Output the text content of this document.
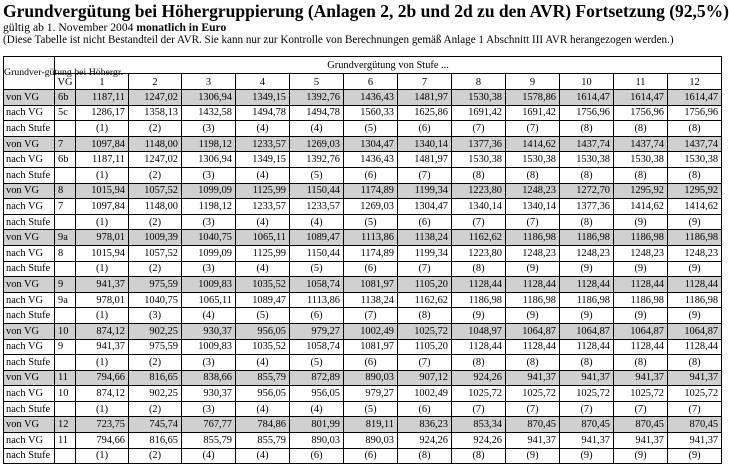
Grundvergütung bei Höhergruppierung (Anlagen 2, 2b und 2d zu den AVR) Fortsetzung (92,5%)
gültig ab 1. November 2004 monatlich in Euro
(Diese Tabelle ist nicht Bestandteil der AVR. Sie kann nur zur Kontrolle von Berechnungen gemäß Anlage 1 Abschnitt III AVR herangezogen werden.)
Grundver-gütung bei Höhergr.	Grundvergütung von Stufe ...												
	VG	1	2	3	4	5	6	7	8	9	10	11	12
von VG	6b	1187,11	1247,02	1306,94	1349,15	1392,76	1436,43	1481,97	1530,38	1578,86	1614,47	1614,47	1614,47
nach VG	5c	1286,17	1358,13	1432,58	1494,78	1494,78	1560,33	1625,86	1691,42	1691,42	1756,96	1756,96	1756,96
nach Stufe		(1)	(2)	(3)	(4)	(4)	(5)	(6)	(7)	(7)	(8)	(8)	(8)
von VG	7	1097,84	1148,00	1198,12	1233,57	1269,03	1304,47	1340,14	1377,36	1414,62	1437,74	1437,74	1437,74
nach VG	6b	1187,11	1247,02	1306,94	1349,15	1392,76	1436,43	1481,97	1530,38	1530,38	1530,38	1530,38	1530,38
nach Stufe		(1)	(2)	(3)	(4)	(5)	(6)	(7)	(8)	(8)	(8)	(8)	(8)
von VG	8	1015,94	1057,52	1099,09	1125,99	1150,44	1174,89	1199,34	1223,80	1248,23	1272,70	1295,92	1295,92
nach VG	7	1097,84	1148,00	1198,12	1233,57	1233,57	1269,03	1304,47	1340,14	1340,14	1377,36	1414,62	1414,62
nach Stufe		(1)	(2)	(3)	(4)	(4)	(5)	(6)	(7)	(7)	(8)	(9)	(9)
von VG	9a	978,01	1009,39	1040,75	1065,11	1089,47	1113,86	1138,24	1162,62	1186,98	1186,98	1186,98	1186,98
nach VG	8	1015,94	1057,52	1099,09	1125,99	1150,44	1174,89	1199,34	1223,80	1248,23	1248,23	1248,23	1248,23
nach Stufe		(1)	(2)	(3)	(4)	(5)	(6)	(7)	(8)	(9)	(9)	(9)	(9)
von VG	9	941,37	975,59	1009,83	1035,52	1058,74	1081,97	1105,20	1128,44	1128,44	1128,44	1128,44	1128,44
nach VG	9a	978,01	1040,75	1065,11	1089,47	1113,86	1138,24	1162,62	1186,98	1186,98	1186,98	1186,98	1186,98
nach Stufe		(1)	(3)	(4)	(5)	(6)	(7)	(8)	(9)	(9)	(9)	(9)	(9)
von VG	10	874,12	902,25	930,37	956,05	979,27	1002,49	1025,72	1048,97	1064,87	1064,87	1064,87	1064,87
nach VG	9	941,37	975,59	1009,83	1035,52	1058,74	1081,97	1105,20	1128,44	1128,44	1128,44	1128,44	1128,44
nach Stufe		(1)	(2)	(3)	(4)	(5)	(6)	(7)	(8)	(8)	(8)	(8)	(8)
von VG	11	794,66	816,65	838,66	855,79	872,89	890,03	907,12	924,26	941,37	941,37	941,37	941,37
nach VG	10	874,12	902,25	930,37	956,05	956,05	979,27	1002,49	1025,72	1025,72	1025,72	1025,72	1025,72
nach Stufe		(1)	(2)	(3)	(4)	(4)	(5)	(6)	(7)	(7)	(7)	(7)	(7)
von VG	12	723,75	745,74	767,77	784,86	801,99	819,11	836,23	853,34	870,45	870,45	870,45	870,45
nach VG	11	794,66	816,65	855,79	855,79	890,03	890,03	924,26	924,26	941,37	941,37	941,37	941,37
nach Stufe		(1)	(2)	(4)	(4)	(6)	(6)	(8)	(8)	(9)	(9)	(9)	(9)
